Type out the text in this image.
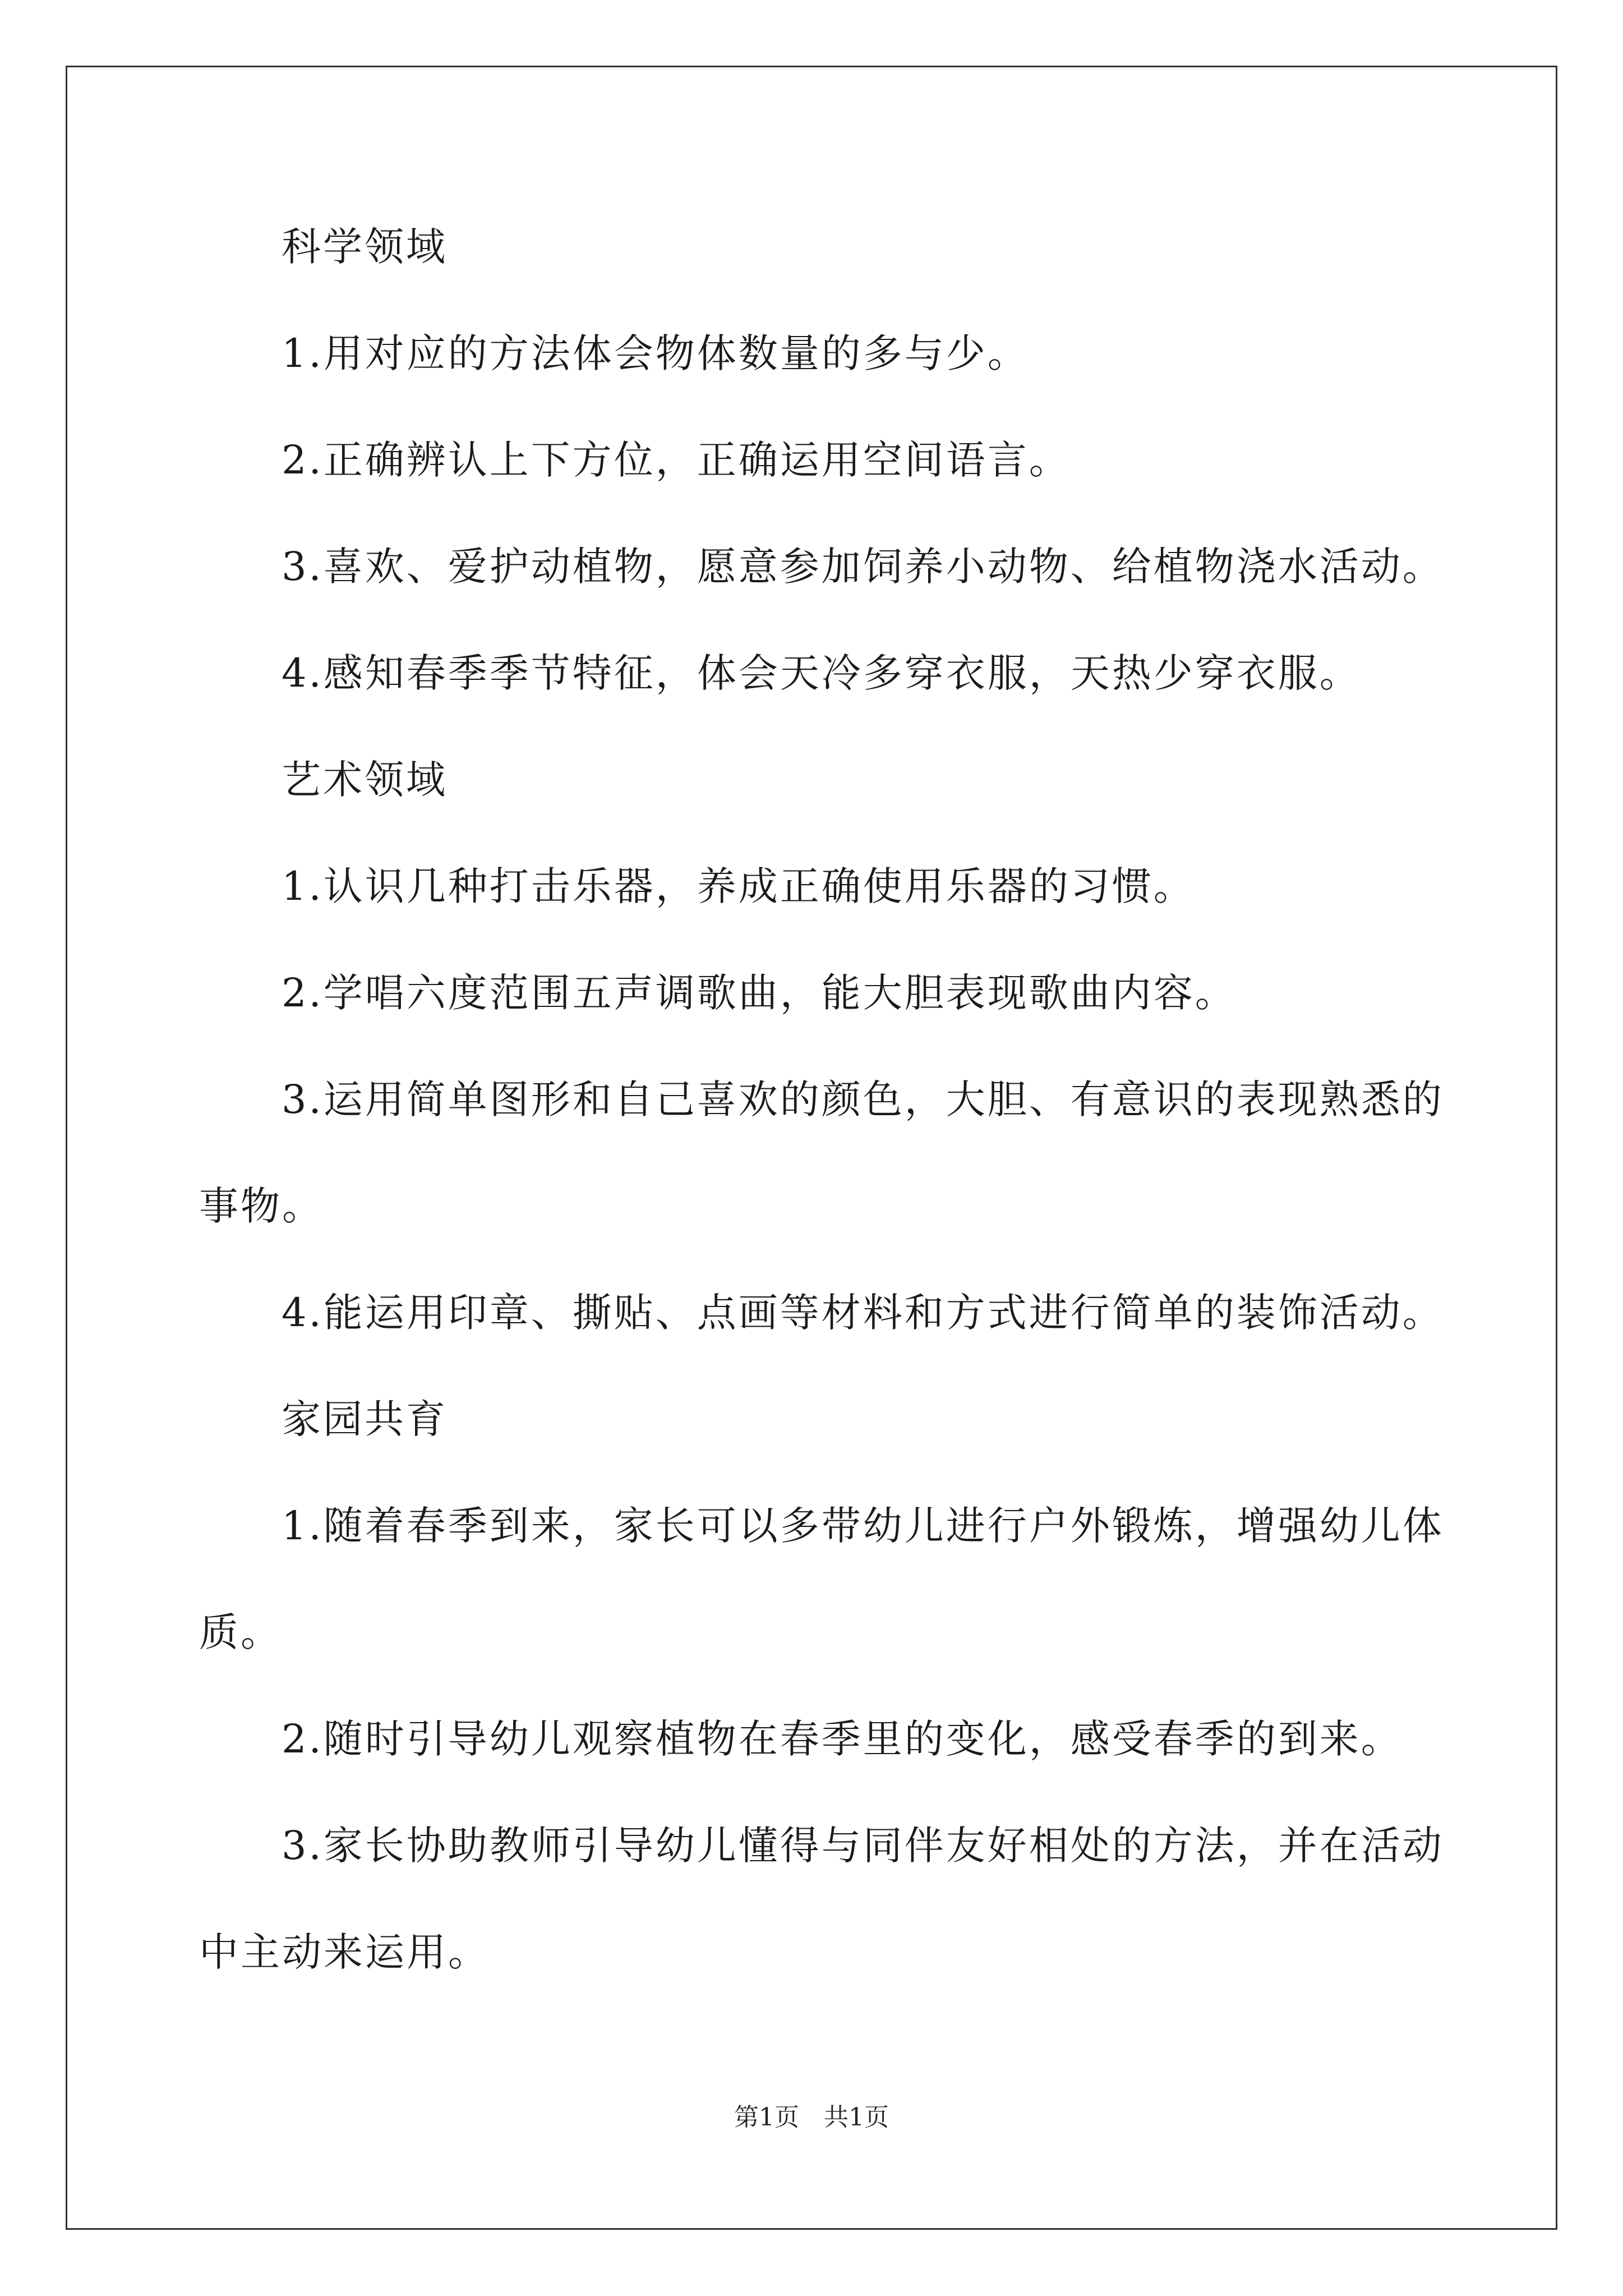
科学领域
1.用对应的方法体会物体数量的多与少。
2.正确辨认上下方位，正确运用空间语言。
3.喜欢、爱护动植物，愿意参加饲养小动物、给植物浇水活动。
4.感知春季季节特征，体会天冷多穿衣服，天热少穿衣服。
艺术领域
1.认识几种打击乐器，养成正确使用乐器的习惯。
2.学唱六度范围五声调歌曲，能大胆表现歌曲内容。
3.运用简单图形和自己喜欢的颜色，大胆、有意识的表现熟悉的
事物。
4.能运用印章、撕贴、点画等材料和方式进行简单的装饰活动。
家园共育
1.随着春季到来，家长可以多带幼儿进行户外锻炼，增强幼儿体
质。
2.随时引导幼儿观察植物在春季里的变化，感受春季的到来。
3.家长协助教师引导幼儿懂得与同伴友好相处的方法，并在活动
中主动来运用。
第1页　共1页
